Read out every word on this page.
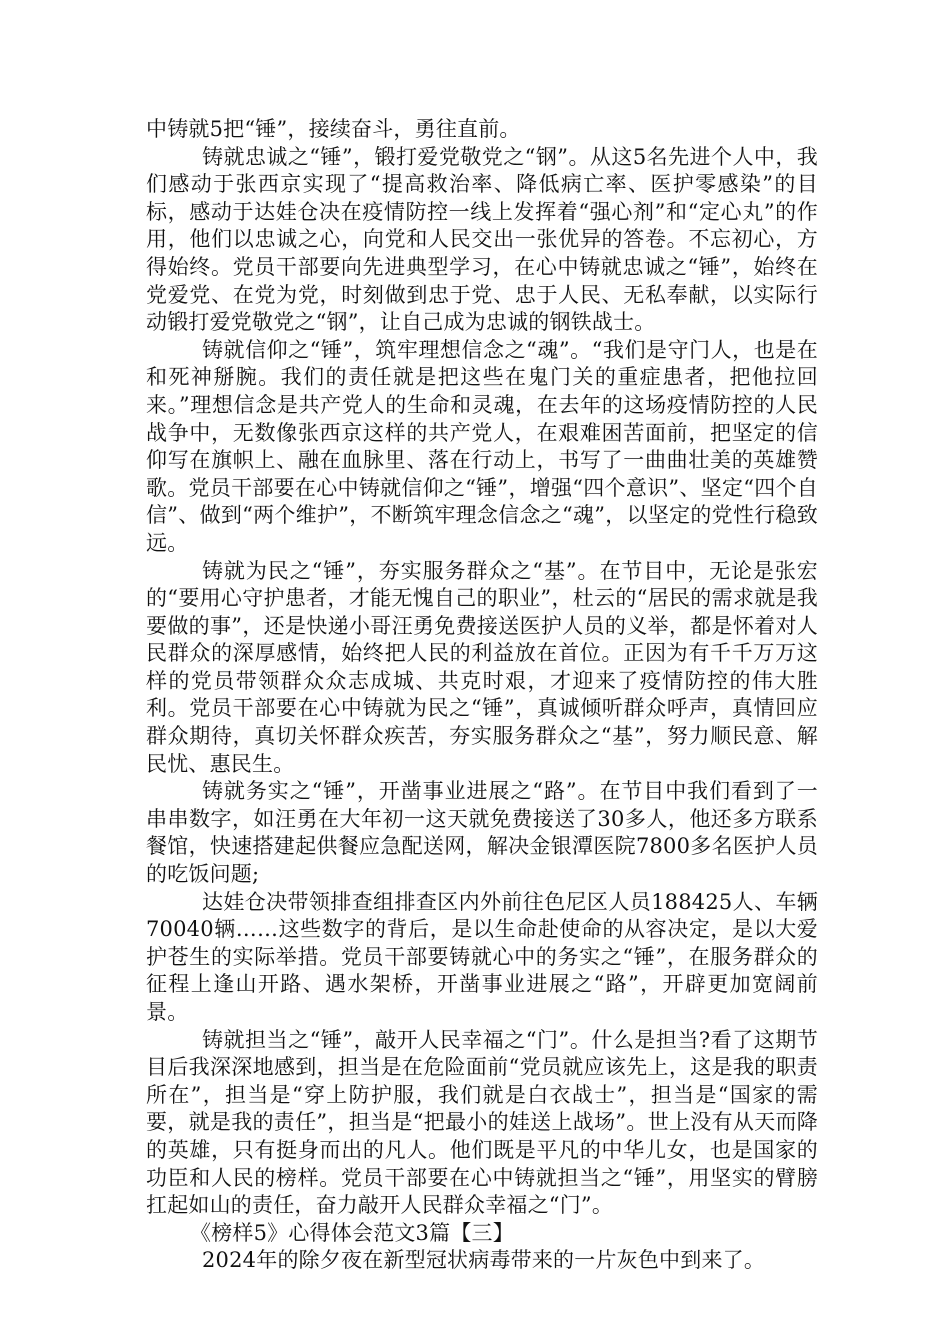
中铸就5把“锤”，接续奋斗，勇往直前。

铸就忠诚之“锤”，锻打爱党敬党之“钢”。从这5名先进个人中，我们感动于张西京实现了“提高救治率、降低病亡率、医护零感染”的目标，感动于达娃仓决在疫情防控一线上发挥着“强心剂”和“定心丸”的作用，他们以忠诚之心，向党和人民交出一张优异的答卷。不忘初心，方得始终。党员干部要向先进典型学习，在心中铸就忠诚之“锤”，始终在党爱党、在党为党，时刻做到忠于党、忠于人民、无私奉献，以实际行动锻打爱党敬党之“钢”，让自己成为忠诚的钢铁战士。

铸就信仰之“锤”，筑牢理想信念之“魂”。“我们是守门人，也是在和死神掰腕。我们的责任就是把这些在鬼门关的重症患者，把他拉回来。”理想信念是共产党人的生命和灵魂，在去年的这场疫情防控的人民战争中，无数像张西京这样的共产党人，在艰难困苦面前，把坚定的信仰写在旗帜上、融在血脉里、落在行动上，书写了一曲曲壮美的英雄赞歌。党员干部要在心中铸就信仰之“锤”，增强“四个意识”、坚定“四个自信”、做到“两个维护”，不断筑牢理念信念之“魂”，以坚定的党性行稳致远。

铸就为民之“锤”，夯实服务群众之“基”。在节目中，无论是张宏的“要用心守护患者，才能无愧自己的职业”，杜云的“居民的需求就是我要做的事”，还是快递小哥汪勇免费接送医护人员的义举，都是怀着对人民群众的深厚感情，始终把人民的利益放在首位。正因为有千千万万这样的党员带领群众众志成城、共克时艰，才迎来了疫情防控的伟大胜利。党员干部要在心中铸就为民之“锤”，真诚倾听群众呼声，真情回应群众期待，真切关怀群众疾苦，夯实服务群众之“基”，努力顺民意、解民忧、惠民生。

铸就务实之“锤”，开凿事业进展之“路”。在节目中我们看到了一串串数字，如汪勇在大年初一这天就免费接送了30多人，他还多方联系餐馆，快速搭建起供餐应急配送网，解决金银潭医院7800多名医护人员的吃饭问题;

达娃仓决带领排查组排查区内外前往色尼区人员188425人、车辆70040辆……这些数字的背后，是以生命赴使命的从容决定，是以大爱护苍生的实际举措。党员干部要铸就心中的务实之“锤”，在服务群众的征程上逢山开路、遇水架桥，开凿事业进展之“路”，开辟更加宽阔前景。

铸就担当之“锤”，敲开人民幸福之“门”。什么是担当?看了这期节目后我深深地感到，担当是在危险面前“党员就应该先上，这是我的职责所在”，担当是“穿上防护服，我们就是白衣战士”，担当是“国家的需要，就是我的责任”，担当是“把最小的娃送上战场”。世上没有从天而降的英雄，只有挺身而出的凡人。他们既是平凡的中华儿女，也是国家的功臣和人民的榜样。党员干部要在心中铸就担当之“锤”，用坚实的臂膀扛起如山的责任，奋力敲开人民群众幸福之“门”。

《榜样5》心得体会范文3篇【三】

2024年的除夕夜在新型冠状病毒带来的一片灰色中到来了。
